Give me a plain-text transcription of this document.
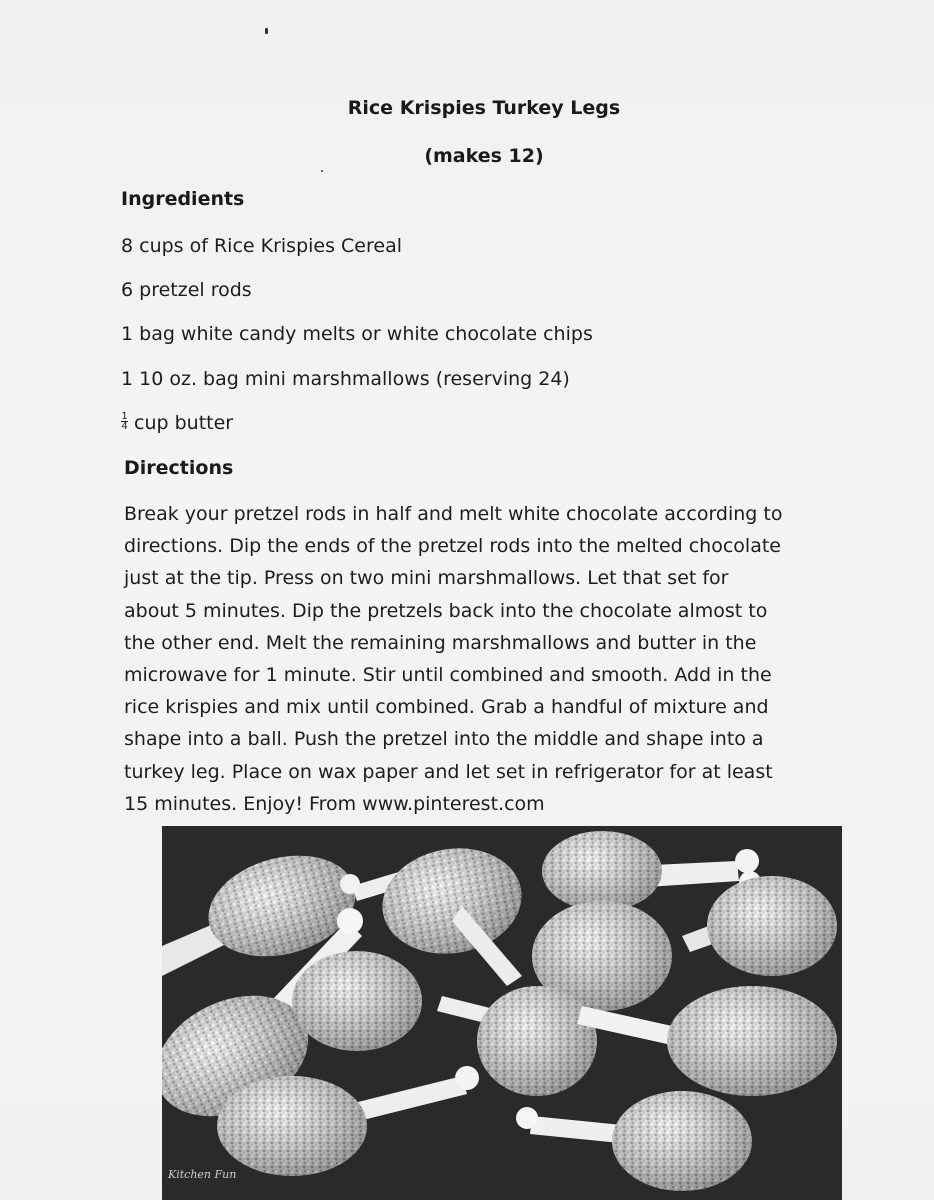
Rice Krispies Turkey Legs
(makes 12)
Ingredients
8 cups of Rice Krispies Cereal
6 pretzel rods
1 bag white candy melts or white chocolate chips
1 10 oz. bag mini marshmallows (reserving 24)
$\frac{1}{4}$ cup butter
Directions
Break your pretzel rods in half and melt white chocolate according to
directions. Dip the ends of the pretzel rods into the melted chocolate
just at the tip. Press on two mini marshmallows. Let that set for
about 5 minutes. Dip the pretzels back into the chocolate almost to
the other end. Melt the remaining marshmallows and butter in the
microwave for 1 minute. Stir until combined and smooth. Add in the
rice krispies and mix until combined. Grab a handful of mixture and
shape into a ball. Push the pretzel into the middle and shape into a
turkey leg. Place on wax paper and let set in refrigerator for at least
15 minutes. Enjoy! From www.pinterest.com
Kitchen Fun
